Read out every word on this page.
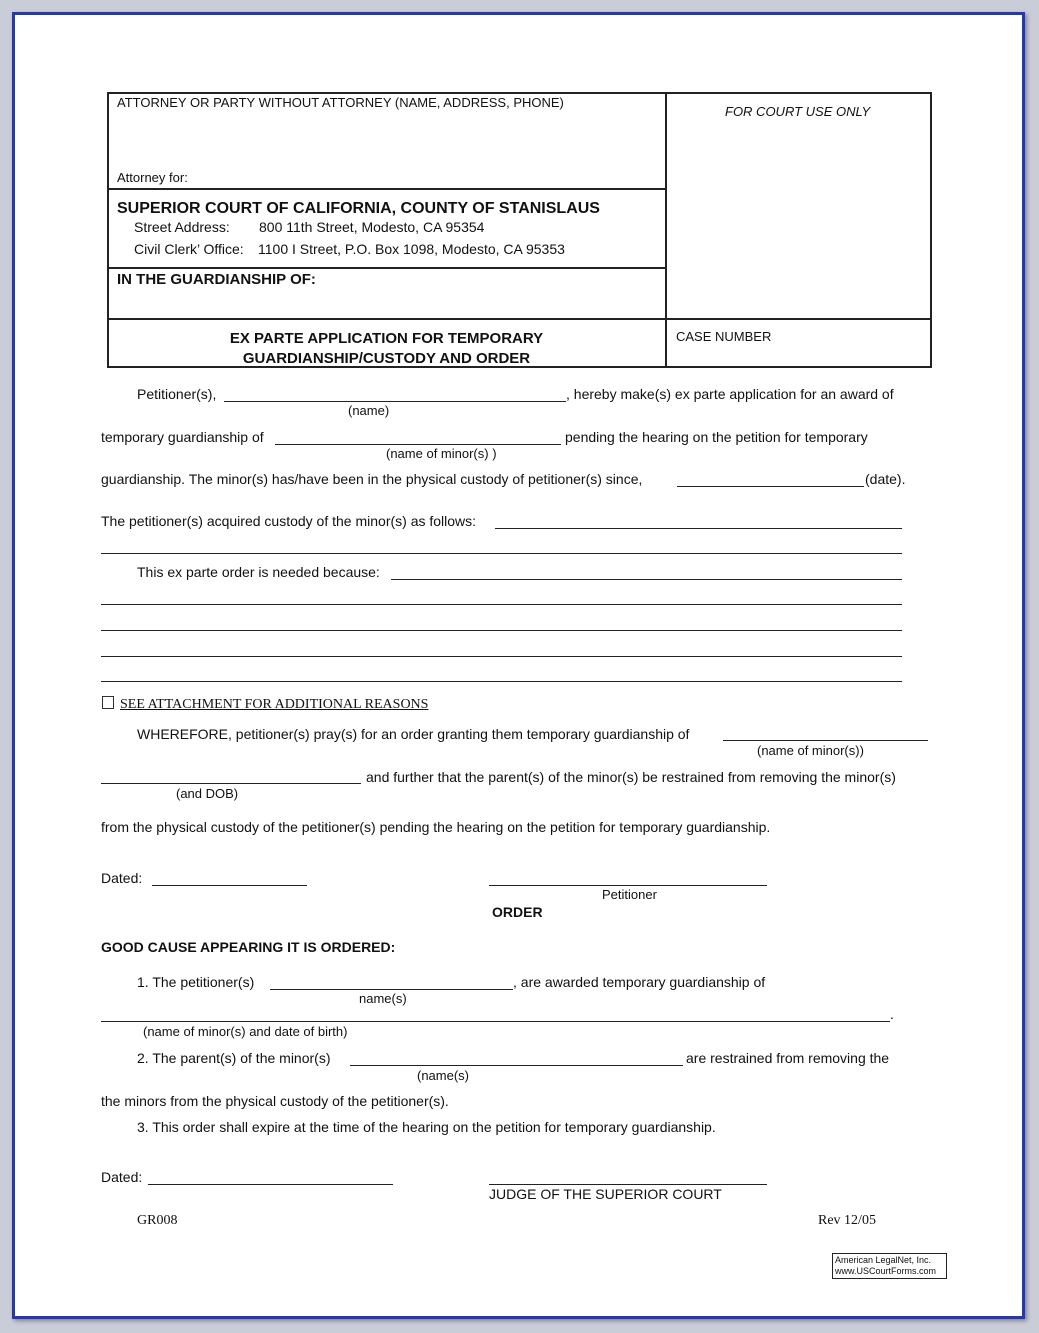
ATTORNEY OR PARTY WITHOUT ATTORNEY (NAME, ADDRESS, PHONE)
Attorney for:
FOR COURT USE ONLY
SUPERIOR COURT OF CALIFORNIA, COUNTY OF STANISLAUS
Street Address: 800 11th Street, Modesto, CA 95354
Civil Clerk’ Office: 1100 I Street, P.O. Box 1098, Modesto, CA 95353
IN THE GUARDIANSHIP OF:
EX PARTE APPLICATION FOR TEMPORARY
GUARDIANSHIP/CUSTODY AND ORDER
CASE NUMBER
Petitioner(s),	, hereby make(s) ex parte application for an award of
(name)
temporary guardianship of	pending the hearing on the petition for temporary
(name of minor(s) )
guardianship. The minor(s) has/have been in the physical custody of petitioner(s) since,	(date).
The petitioner(s) acquired custody of the minor(s) as follows:
This ex parte order is needed because:
SEE ATTACHMENT FOR ADDITIONAL REASONS
WHEREFORE, petitioner(s) pray(s) for an order granting them temporary guardianship of
(name of minor(s))
and further that the parent(s) of the minor(s) be restrained from removing the minor(s)
(and DOB)
from the physical custody of the petitioner(s) pending the hearing on the petition for temporary guardianship.
Dated:
Petitioner
ORDER
GOOD CAUSE APPEARING IT IS ORDERED:
1. The petitioner(s)	, are awarded temporary guardianship of
name(s)
.
(name of minor(s) and date of birth)
2. The parent(s) of the minor(s)	are restrained from removing the
(name(s)
the minors from the physical custody of the petitioner(s).
3. This order shall expire at the time of the hearing on the petition for temporary guardianship.
Dated:
JUDGE OF THE SUPERIOR COURT
GR008	Rev 12/05
American LegalNet, Inc.
www.USCourtForms.com
